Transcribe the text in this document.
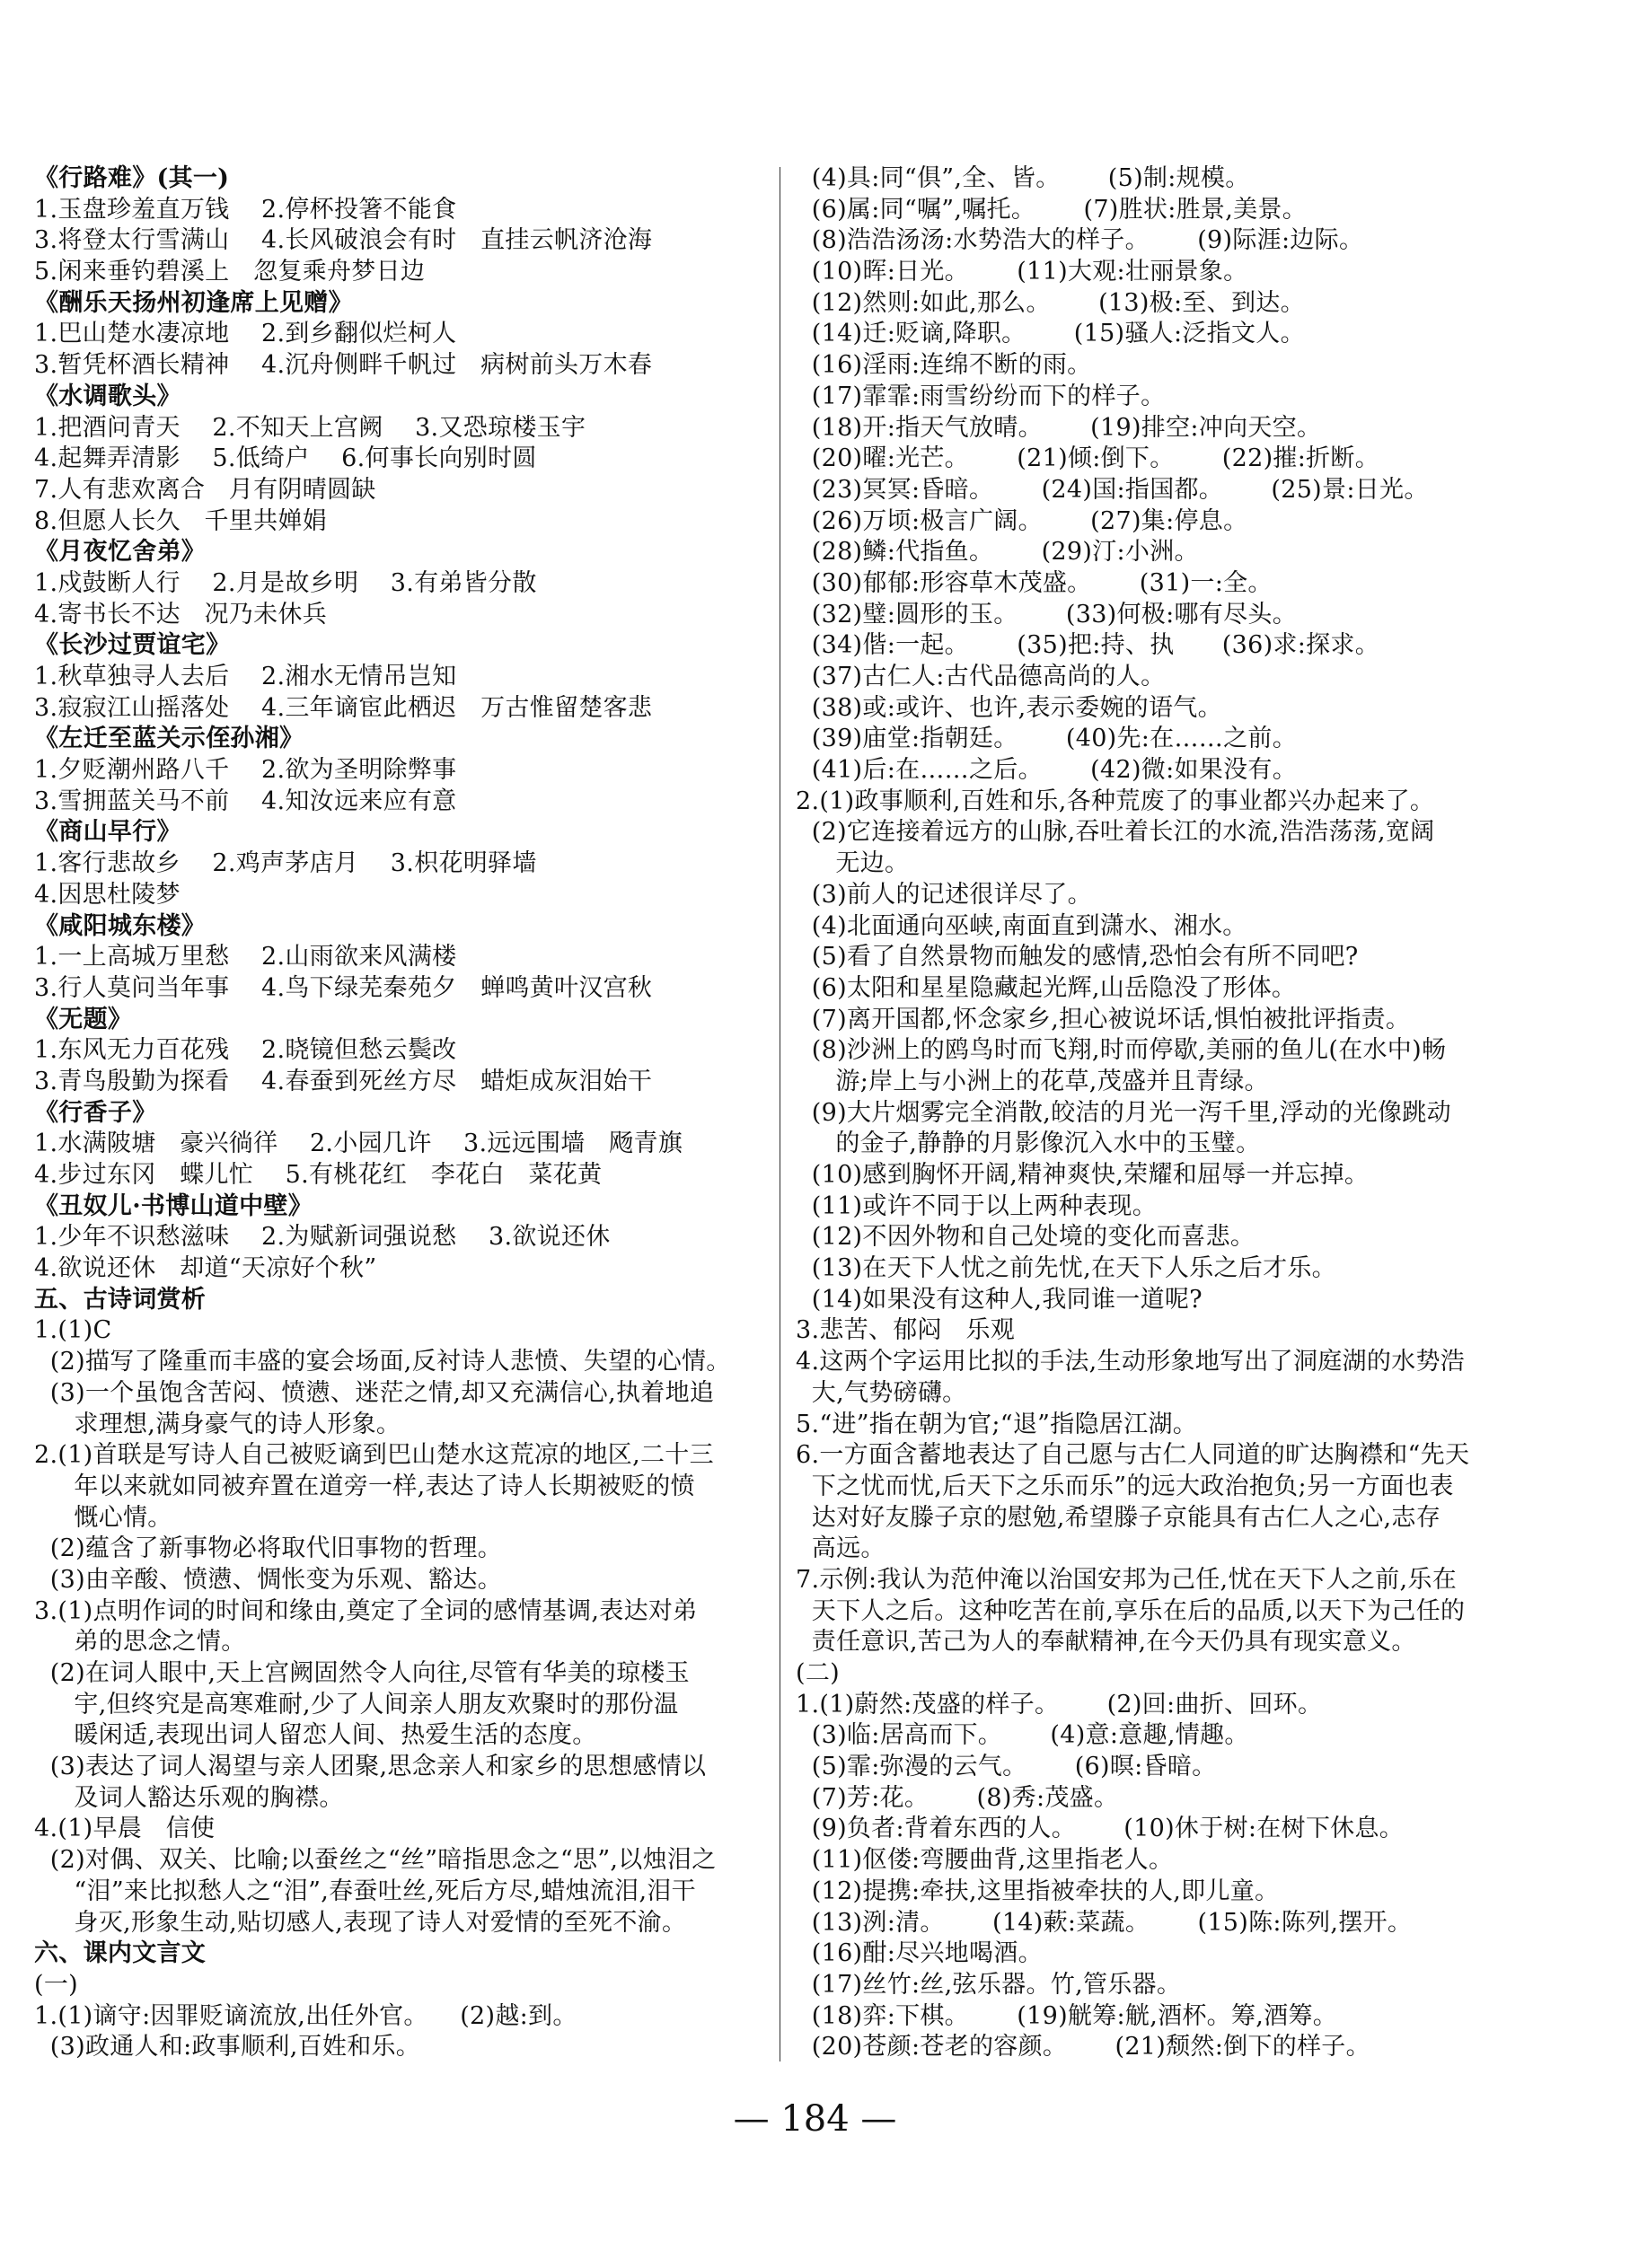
《行路难》(其一)
1.玉盘珍羞直万钱    2.停杯投箸不能食
3.将登太行雪满山    4.长风破浪会有时   直挂云帆济沧海
5.闲来垂钓碧溪上   忽复乘舟梦日边
《酬乐天扬州初逢席上见赠》
1.巴山楚水凄凉地    2.到乡翻似烂柯人
3.暂凭杯酒长精神    4.沉舟侧畔千帆过   病树前头万木春
《水调歌头》
1.把酒问青天    2.不知天上宫阙    3.又恐琼楼玉宇
4.起舞弄清影    5.低绮户    6.何事长向别时圆
7.人有悲欢离合   月有阴晴圆缺
8.但愿人长久   千里共婵娟
《月夜忆舍弟》
1.戍鼓断人行    2.月是故乡明    3.有弟皆分散
4.寄书长不达   况乃未休兵
《长沙过贾谊宅》
1.秋草独寻人去后    2.湘水无情吊岂知
3.寂寂江山摇落处    4.三年谪宦此栖迟   万古惟留楚客悲
《左迁至蓝关示侄孙湘》
1.夕贬潮州路八千    2.欲为圣明除弊事
3.雪拥蓝关马不前    4.知汝远来应有意
《商山早行》
1.客行悲故乡    2.鸡声茅店月    3.枳花明驿墙
4.因思杜陵梦
《咸阳城东楼》
1.一上高城万里愁    2.山雨欲来风满楼
3.行人莫问当年事    4.鸟下绿芜秦苑夕   蝉鸣黄叶汉宫秋
《无题》
1.东风无力百花残    2.晓镜但愁云鬓改
3.青鸟殷勤为探看    4.春蚕到死丝方尽   蜡炬成灰泪始干
《行香子》
1.水满陂塘   豪兴徜徉    2.小园几许    3.远远围墙   飏青旗
4.步过东冈   蝶儿忙    5.有桃花红   李花白   菜花黄
《丑奴儿·书博山道中壁》
1.少年不识愁滋味    2.为赋新词强说愁    3.欲说还休
4.欲说还休   却道“天凉好个秋”
五、古诗词赏析
1.(1)C
(2)描写了隆重而丰盛的宴会场面,反衬诗人悲愤、失望的心情。
(3)一个虽饱含苦闷、愤懑、迷茫之情,却又充满信心,执着地追
求理想,满身豪气的诗人形象。
2.(1)首联是写诗人自己被贬谪到巴山楚水这荒凉的地区,二十三
年以来就如同被弃置在道旁一样,表达了诗人长期被贬的愤
慨心情。
(2)蕴含了新事物必将取代旧事物的哲理。
(3)由辛酸、愤懑、惆怅变为乐观、豁达。
3.(1)点明作词的时间和缘由,奠定了全词的感情基调,表达对弟
弟的思念之情。
(2)在词人眼中,天上宫阙固然令人向往,尽管有华美的琼楼玉
宇,但终究是高寒难耐,少了人间亲人朋友欢聚时的那份温
暖闲适,表现出词人留恋人间、热爱生活的态度。
(3)表达了词人渴望与亲人团聚,思念亲人和家乡的思想感情以
及词人豁达乐观的胸襟。
4.(1)早晨   信使
(2)对偶、双关、比喻;以蚕丝之“丝”暗指思念之“思”,以烛泪之
“泪”来比拟愁人之“泪”,春蚕吐丝,死后方尽,蜡烛流泪,泪干
身灭,形象生动,贴切感人,表现了诗人对爱情的至死不渝。
六、课内文言文
(一)
1.(1)谪守:因罪贬谪流放,出任外官。    (2)越:到。
(3)政通人和:政事顺利,百姓和乐。
(4)具:同“俱”,全、皆。      (5)制:规模。
(6)属:同“嘱”,嘱托。      (7)胜状:胜景,美景。
(8)浩浩汤汤:水势浩大的样子。      (9)际涯:边际。
(10)晖:日光。      (11)大观:壮丽景象。
(12)然则:如此,那么。      (13)极:至、到达。
(14)迁:贬谪,降职。      (15)骚人:泛指文人。
(16)淫雨:连绵不断的雨。
(17)霏霏:雨雪纷纷而下的样子。
(18)开:指天气放晴。      (19)排空:冲向天空。
(20)曜:光芒。      (21)倾:倒下。      (22)摧:折断。
(23)冥冥:昏暗。      (24)国:指国都。      (25)景:日光。
(26)万顷:极言广阔。      (27)集:停息。
(28)鳞:代指鱼。      (29)汀:小洲。
(30)郁郁:形容草木茂盛。      (31)一:全。
(32)璧:圆形的玉。      (33)何极:哪有尽头。
(34)偕:一起。      (35)把:持、执      (36)求:探求。
(37)古仁人:古代品德高尚的人。
(38)或:或许、也许,表示委婉的语气。
(39)庙堂:指朝廷。      (40)先:在……之前。
(41)后:在……之后。      (42)微:如果没有。
2.(1)政事顺利,百姓和乐,各种荒废了的事业都兴办起来了。
(2)它连接着远方的山脉,吞吐着长江的水流,浩浩荡荡,宽阔
无边。
(3)前人的记述很详尽了。
(4)北面通向巫峡,南面直到潇水、湘水。
(5)看了自然景物而触发的感情,恐怕会有所不同吧?
(6)太阳和星星隐藏起光辉,山岳隐没了形体。
(7)离开国都,怀念家乡,担心被说坏话,惧怕被批评指责。
(8)沙洲上的鸥鸟时而飞翔,时而停歇,美丽的鱼儿(在水中)畅
游;岸上与小洲上的花草,茂盛并且青绿。
(9)大片烟雾完全消散,皎洁的月光一泻千里,浮动的光像跳动
的金子,静静的月影像沉入水中的玉璧。
(10)感到胸怀开阔,精神爽快,荣耀和屈辱一并忘掉。
(11)或许不同于以上两种表现。
(12)不因外物和自己处境的变化而喜悲。
(13)在天下人忧之前先忧,在天下人乐之后才乐。
(14)如果没有这种人,我同谁一道呢?
3.悲苦、郁闷   乐观
4.这两个字运用比拟的手法,生动形象地写出了洞庭湖的水势浩
大,气势磅礴。
5.“进”指在朝为官;“退”指隐居江湖。
6.一方面含蓄地表达了自己愿与古仁人同道的旷达胸襟和“先天
下之忧而忧,后天下之乐而乐”的远大政治抱负;另一方面也表
达对好友滕子京的慰勉,希望滕子京能具有古仁人之心,志存
高远。
7.示例:我认为范仲淹以治国安邦为己任,忧在天下人之前,乐在
天下人之后。这种吃苦在前,享乐在后的品质,以天下为己任的
责任意识,苦己为人的奉献精神,在今天仍具有现实意义。
(二)
1.(1)蔚然:茂盛的样子。      (2)回:曲折、回环。
(3)临:居高而下。      (4)意:意趣,情趣。
(5)霏:弥漫的云气。      (6)暝:昏暗。
(7)芳:花。      (8)秀:茂盛。
(9)负者:背着东西的人。      (10)休于树:在树下休息。
(11)伛偻:弯腰曲背,这里指老人。
(12)提携:牵扶,这里指被牵扶的人,即儿童。
(13)洌:清。      (14)蔌:菜蔬。      (15)陈:陈列,摆开。
(16)酣:尽兴地喝酒。
(17)丝竹:丝,弦乐器。竹,管乐器。
(18)弈:下棋。      (19)觥筹:觥,酒杯。筹,酒筹。
(20)苍颜:苍老的容颜。      (21)颓然:倒下的样子。
— 184 —
